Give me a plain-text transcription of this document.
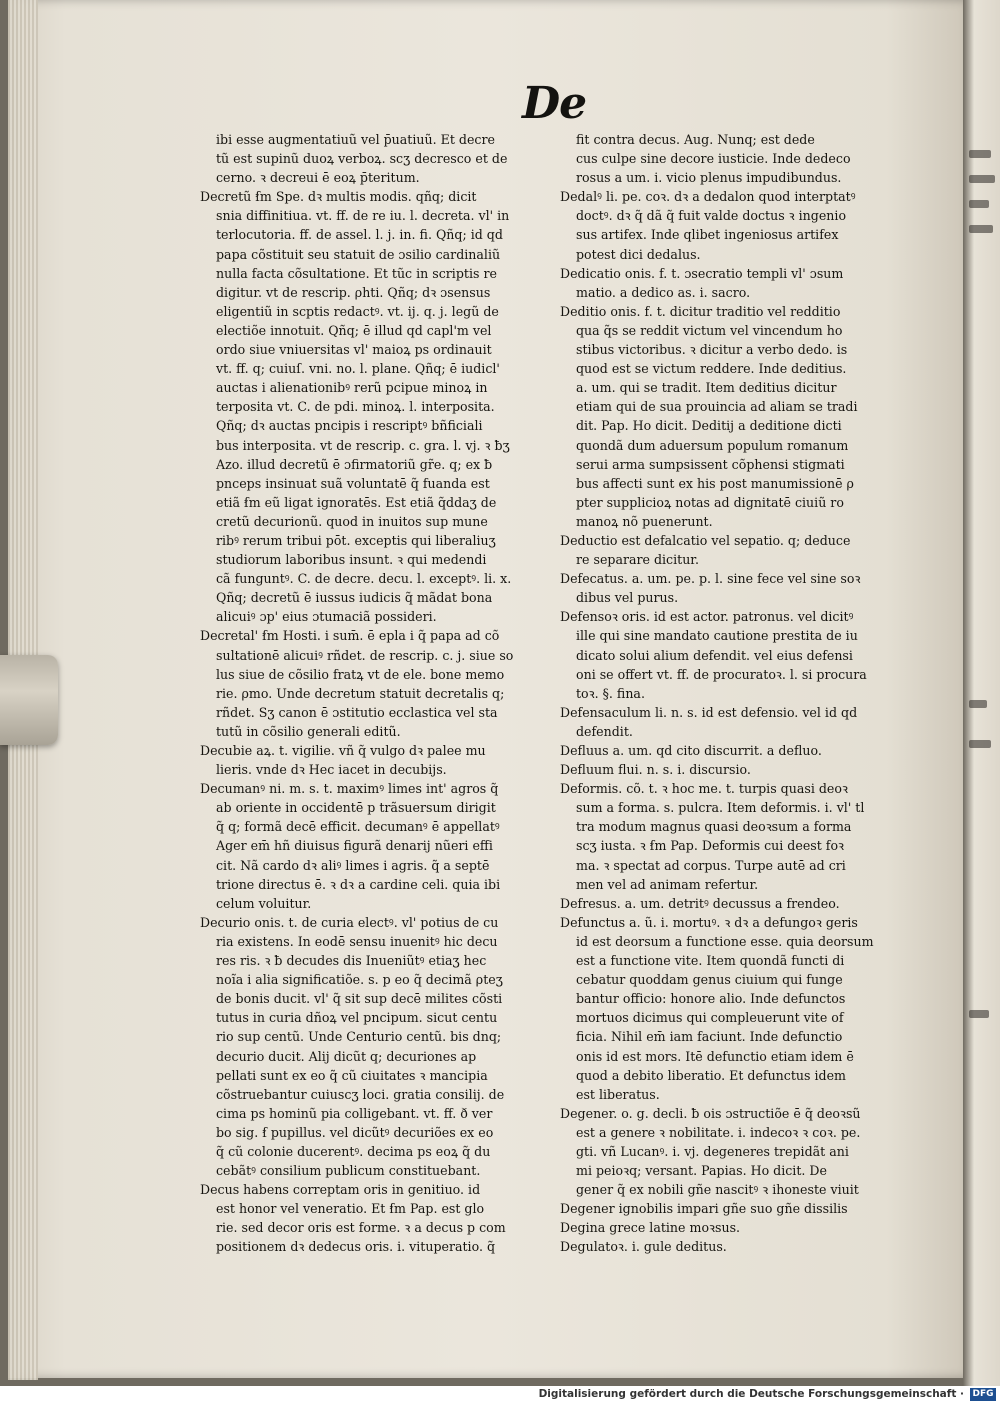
De

ibi esse augmentatiuũ vel p̄uatiuũ. Et decre

tũ est supinũ duoꝝ verboꝝ. scʒ decresco et de

cerno. ꝛ decreui ē eoꝝ p̄teritum.

Decretũ ẜm Spe. dꝛ multis modis. qñq; dicit

snia diffinitiua. vt. ff. de re iu. l. decreta. vl' in

terlocutoria. ff. de assel. l. j. in. fi. Qñq; id qd

papa cõstituit seu statuit de ɔsilio cardinaliũ

nulla facta cõsultatione. Et tũc in scriptis re

digitur. vt de rescrip. ρhti. Qñq; dꝛ ɔsensus

eligentiũ in scptis redactꝰ. vt. ij. q. j. legũ de

electiõe innotuit. Qñq; ē illud qd capl'm vel

ordo siue vniuersitas vl' maioꝝ ps ordinauit

vt. ff. q; cuiuſ. vni. no. l. plane. Qñq; ē iudicl'

auctas i alienationibꝰ rerũ pcipue minoꝝ in

terposita vt. C. de pdi. minoꝝ. l. interposita.

Qñq; dꝛ auctas pncipis i rescriptꝰ bñficiali

bus interposita. vt de rescrip. c. gra. l. vj. ꝛ ƀʒ

Azo. illud decretũ ē ɔfirmatoriũ gr̃e. q; ex ƀ

pnceps insinuat suã voluntatē q̃ fuanda est

etiã ẜm eũ ligat ignoratēs. Est etiã q̃ddaʒ de

cretũ decurionũ. quod in inuitos sup mune

ribꝰ rerum tribui pōt. exceptis qui liberaliuʒ

studiorum laboribus insunt. ꝛ qui medendi

cã funguntꝰ. C. de decre. decu. l. exceptꝰ. li. x.

Qñq; decretũ ē iussus iudicis q̃ mãdat bona

alicuiꝰ ɔp' eius ɔtumaciã possideri.

Decretal' ẜm Hosti. i sum̄. ē epla i q̃ papa ad cõ

sultationē alicuiꝰ rñdet. de rescrip. c. j. siue so

lus siue de cõsilio fratꝝ vt de ele. bone memo

rie. ρmo. Unde decretum statuit decretalis q;

rñdet. Sʒ canon ē ɔstitutio ecclastica vel sta

tutũ in cõsilio generali editũ.

Decubie aꝝ. t. vigilie. vñ q̃ vulgo dꝛ palee mu

lieris. vnde dꝛ Hec iacet in decubijs.

Decumanꝰ ni. m. s. t. maximꝰ limes int' agros q̃

ab oriente in occidentē p trãsuersum dirigit

q̃ q; formã decē efficit. decumanꝰ ē appellatꝰ

Ager em̄ hñ diuisus figurã denarij nũeri effi

cit. Nã cardo dꝛ aliꝰ limes i agris. q̃ a septē

trione directus ē. ꝛ dꝛ a cardine celi. quia ibi

celum voluitur.

Decurio onis. t. de curia electꝰ. vl' potius de cu

ria existens. In eodē sensu inuenitꝰ hic decu

res ris. ꝛ ƀ decudes dis Inueniũtꝰ etiaʒ hec

noĩa i alia significatiõe. s. p eo q̃ decimã ρteʒ

de bonis ducit. vl' q̃ sit sup decē milites cõsti

tutus in curia dñoꝝ vel pncipum. sicut centu

rio sup centũ. Unde Centurio centũ. bis dnq;

decurio ducit. Alij dicũt q; decuriones ap

pellati sunt ex eo q̃ cũ ciuitates ꝛ mancipia

cõstruebantur cuiuscʒ loci. gratia consilij. de

cima ps hominũ pia colligebant. vt. ff. ð ver

bo sig. ẜ pupillus. vel dicũtꝰ decuriões ex eo

q̃ cũ colonie ducerentꝰ. decima ps eoꝝ q̃ du

cebãtꝰ consilium publicum constituebant.

Decus habens correptam oris in genitiuo. id

est honor vel veneratio. Et ẜm Pap. est glo

rie. sed decor oris est forme. ꝛ a decus p com

positionem dꝛ dedecus oris. i. vituperatio. q̃

fit contra decus. Aug. Nunq; est dede

cus culpe sine decore iusticie. Inde dedeco

rosus a um. i. vicio plenus impudibundus.

Dedalꝰ li. pe. coꝛ. dꝛ a dedalon quod interptatꝰ

doctꝰ. dꝛ q̃ dã q̃ fuit valde doctus ꝛ ingenio

sus artifex. Inde qlibet ingeniosus artifex

potest dici dedalus.

Dedicatio onis. f. t. ɔsecratio templi vl' ɔsum

matio. a dedico as. i. sacro.

Deditio onis. f. t. dicitur traditio vel redditio

qua q̃s se reddit victum vel vincendum ho

stibus victoribus. ꝛ dicitur a verbo dedo. is

quod est se victum reddere. Inde deditius.

a. um. qui se tradit. Item deditius dicitur

etiam qui de sua prouincia ad aliam se tradi

dit. Pap. Ho dicit. Deditij a deditione dicti

quondã dum aduersum populum romanum

serui arma sumpsissent cõphensi stigmati

bus affecti sunt ex his post manumissionē ρ

pter supplicioꝝ notas ad dignitatē ciuiũ ro

manoꝝ nõ puenerunt.

Deductio est defalcatio vel sepatio. q; deduce

re separare dicitur.

Defecatus. a. um. pe. p. l. sine fece vel sine soꝛ

dibus vel purus.

Defensoꝛ oris. id est actor. patronus. vel dicitꝰ

ille qui sine mandato cautione prestita de iu

dicato solui alium defendit. vel eius defensi

oni se offert vt. ff. de procuratoꝛ. l. si procura

toꝛ. §. fina.

Defensaculum li. n. s. id est defensio. vel id qd

defendit.

Defluus a. um. qd cito discurrit. a defluo.

Defluum flui. n. s. i. discursio.

Deformis. cõ. t. ꝛ hoc me. t. turpis quasi deoꝛ

sum a forma. s. pulcra. Item deformis. i. vl' tl

tra modum magnus quasi deoꝛsum a forma

scʒ iusta. ꝛ ẜm Pap. Deformis cui deest foꝛ

ma. ꝛ spectat ad corpus. Turpe autē ad cri

men vel ad animam refertur.

Defresus. a. um. detritꝰ decussus a frendeo.

Defunctus a. ũ. i. mortuꝰ. ꝛ dꝛ a defungoꝛ geris

id est deorsum a functione esse. quia deorsum

est a functione vite. Item quondã functi di

cebatur quoddam genus ciuium qui funge

bantur officio: honore alio. Inde defunctos

mortuos dicimus qui compleuerunt vite of

ficia. Nihil em̄ iam faciunt. Inde defunctio

onis id est mors. Itē defunctio etiam idem ē

quod a debito liberatio. Et defunctus idem

est liberatus.

Degener. o. g. decli. ƀ ois ɔstructiõe ē q̃ deoꝛsũ

est a genere ꝛ nobilitate. i. indecoꝛ ꝛ coꝛ. pe.

gti. vñ Lucanꝰ. i. vj. degeneres trepidãt ani

mi peioꝛq; versant. Papias. Ho dicit. De

gener q̃ ex nobili gñe nascitꝰ ꝛ ihoneste viuit

Degener ignobilis impari gñe suo gñe dissilis

Degina grece latine moꝛsus.

Degulatoꝛ. i. gule deditus.

Digitalisierung gefördert durch die Deutsche Forschungsgemeinschaft · DFG
